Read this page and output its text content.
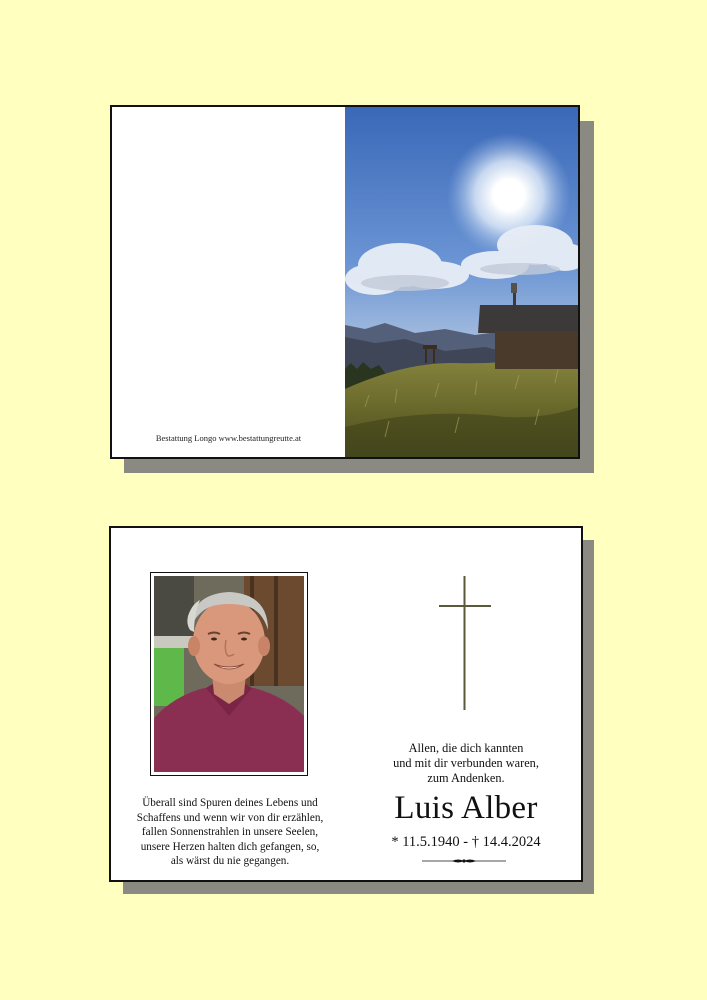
Bestattung Longo www.bestattungreutte.at
Überall sind Spuren deines Lebens und
Schaffens und wenn wir von dir erzählen,
fallen Sonnenstrahlen in unsere Seelen,
unsere Herzen halten dich gefangen, so,
als wärst du nie gegangen.
Allen, die dich kannten
und mit dir verbunden waren,
zum Andenken.
Luis Alber
* 11.5.1940 - † 14.4.2024
